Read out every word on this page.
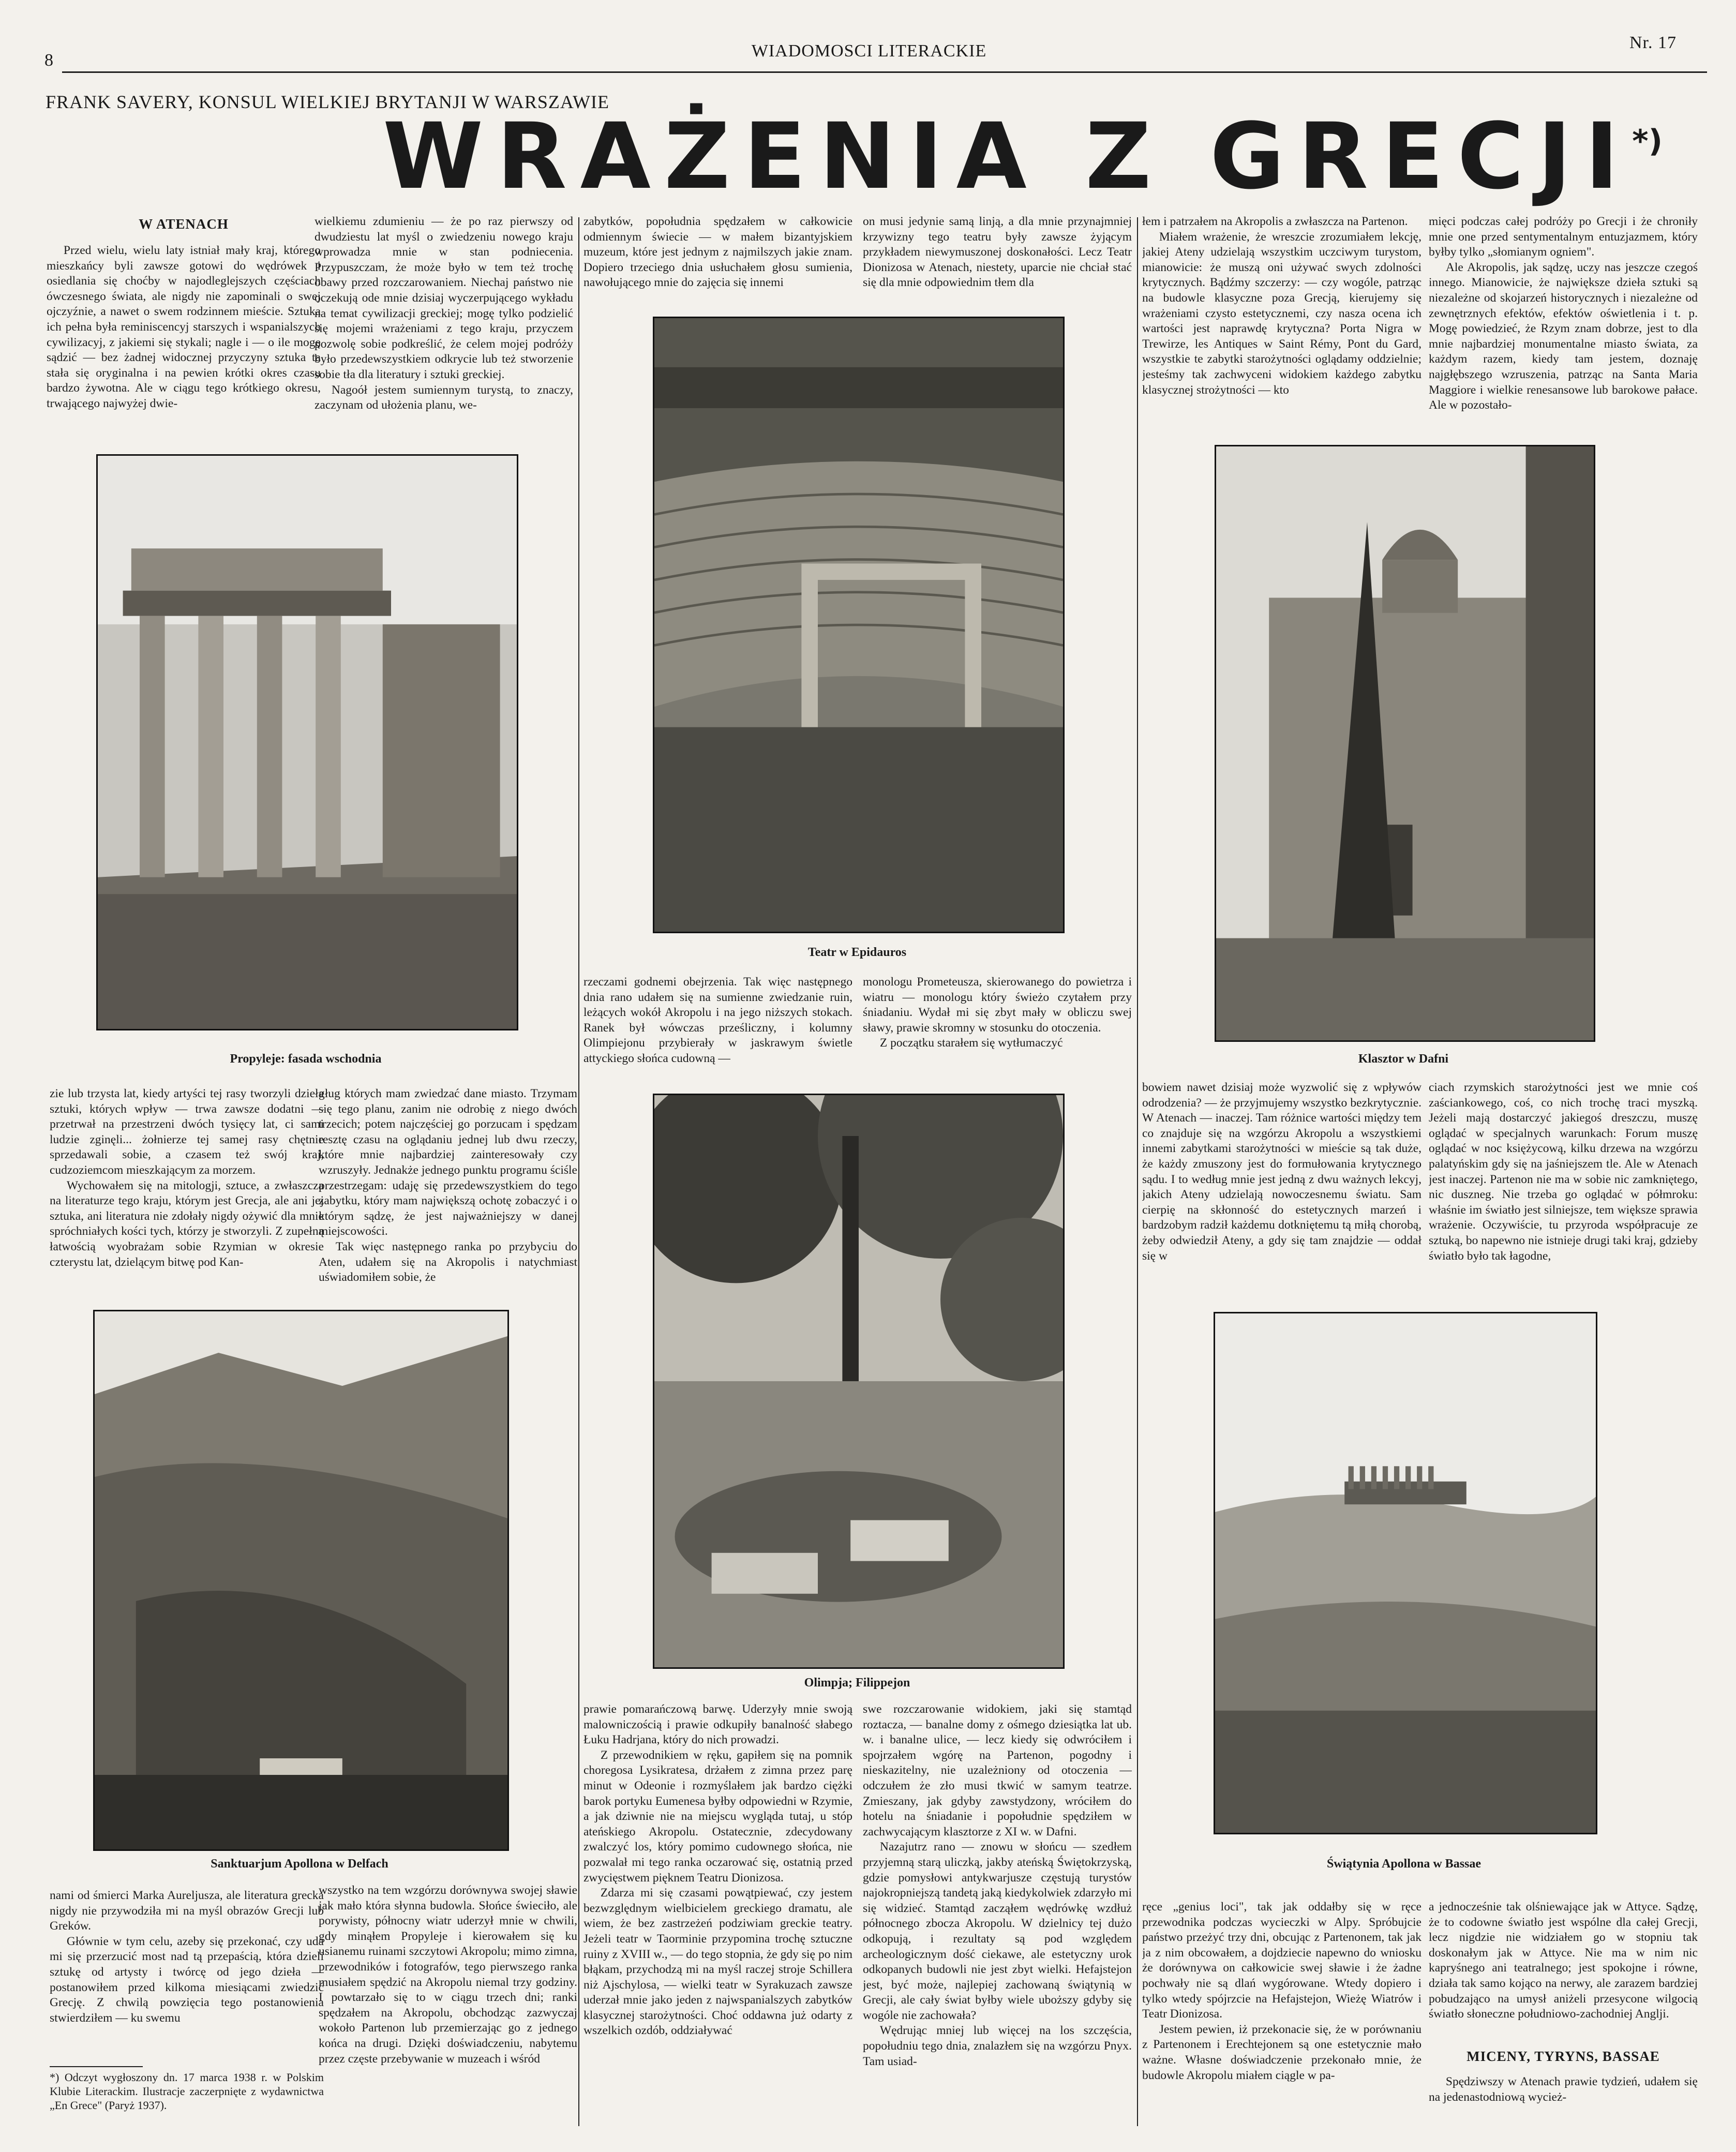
8	WIADOMOSCI LITERACKIE	Nr. 17
FRANK SAVERY, KONSUL WIELKIEJ BRYTANJI W WARSZAWIE
WRAŻENIA Z GRECJI*)
W ATENACH

Przed wielu, wielu laty istniał mały kraj, którego mieszkańcy byli zawsze gotowi do wędrówek i osiedlania się choćby w najodleglejszych częściach ówczesnego świata, ale nigdy nie zapominali o swej ojczyźnie, a nawet o swem rodzinnem mieście. Sztuka ich pełna była reminiscencyj starszych i wspanialszych cywilizacyj, z jakiemi się stykali; nagle i — o ile mogę sądzić — bez żadnej widocznej przyczyny sztuka ta stała się oryginalna i na pewien krótki okres czasu bardzo żywotna. Ale w ciągu tego krótkiego okresu, trwającego najwyżej dwie-

wielkiemu zdumieniu — że po raz pierwszy od dwudziestu lat myśl o zwiedzeniu nowego kraju wprowadza mnie w stan podniecenia. Przypuszczam, że może było w tem też trochę obawy przed rozczarowaniem. Niechaj państwo nie oczekują ode mnie dzisiaj wyczerpującego wykładu na temat cywilizacji greckiej; mogę tylko podzielić się mojemi wrażeniami z tego kraju, przyczem pozwolę sobie podkreślić, że celem mojej podróży było przedewszystkiem odkrycie lub też stworzenie sobie tła dla literatury i sztuki greckiej.

Nagoół jestem sumiennym turystą, to znaczy, zaczynam od ułożenia planu, we-

zabytków, popołudnia spędzałem w całkowicie odmiennym świecie — w małem bizantyjskiem muzeum, które jest jednym z najmilszych jakie znam. Dopiero trzeciego dnia usłuchałem głosu sumienia, nawołującego mnie do zajęcia się innemi

on musi jedynie samą linją, a dla mnie przynajmniej krzywizny tego teatru były zawsze żyjącym przykładem niewymuszonej doskonałości. Lecz Teatr Dionizosa w Atenach, niestety, uparcie nie chciał stać się dla mnie odpowiednim tłem dla

łem i patrzałem na Akropolis a zwłaszcza na Partenon.

Miałem wrażenie, że wreszcie zrozumiałem lekcję, jakiej Ateny udzielają wszystkim uczciwym turystom, mianowicie: że muszą oni używać swych zdolności krytycznych. Bądźmy szczerzy: — czy wogóle, patrząc na budowle klasyczne poza Grecją, kierujemy się wrażeniami czysto estetycznemi, czy nasza ocena ich wartości jest naprawdę krytyczna? Porta Nigra w Trewirze, les Antiques w Saint Rémy, Pont du Gard, wszystkie te zabytki starożytności oglądamy oddzielnie; jesteśmy tak zachwyceni widokiem każdego zabytku klasycznej strożytności — kto

mięci podczas całej podróży po Grecji i że chroniły mnie one przed sentymentalnym entuzjazmem, który byłby tylko „słomianym ogniem".

Ale Akropolis, jak sądzę, uczy nas jeszcze czegoś innego. Mianowicie, że największe dzieła sztuki są niezależne od skojarzeń historycznych i niezależne od zewnętrznych efektów, efektów oświetlenia i t. p. Mogę powiedzieć, że Rzym znam dobrze, jest to dla mnie najbardziej monumentalne miasto świata, za każdym razem, kiedy tam jestem, doznaję najgłębszego wzruszenia, patrząc na Santa Maria Maggiore i wielkie renesansowe lub barokowe pałace. Ale w pozostało-

Propyleje: fasada wschodnia
Teatr w Epidauros
Klasztor w Dafni

zie lub trzysta lat, kiedy artyści tej rasy tworzyli dzieła sztuki, których wpływ — trwa zawsze dodatni — przetrwał na przestrzeni dwóch tysięcy lat, ci sami ludzie zginęli... żołnierze tej samej rasy chętnie sprzedawali sobie, a czasem też swój kraj, cudzoziemcom mieszkającym za morzem.

Wychowałem się na mitologji, sztuce, a zwłaszcza na literaturze tego kraju, którym jest Grecja, ale ani jej sztuka, ani literatura nie zdołały nigdy ożywić dla mnie spróchniałych kości tych, którzy je stworzyli. Z zupełną łatwością wyobrażam sobie Rzymian w okresie czterystu lat, dzielącym bitwę pod Kan-

gług których mam zwiedzać dane miasto. Trzymam się tego planu, zanim nie odrobię z niego dwóch trzecich; potem najczęściej go porzucam i spędzam resztę czasu na oglądaniu jednej lub dwu rzeczy, które mnie najbardziej zainteresowały czy wzruszyły. Jednakże jednego punktu programu ściśle przestrzegam: udaję się przedewszystkiem do tego zabytku, który mam największą ochotę zobaczyć i o którym sądzę, że jest najważniejszy w danej miejscowości.

Tak więc następnego ranka po przybyciu do Aten, udałem się na Akropolis i natychmiast uświadomiłem sobie, że

rzeczami godnemi obejrzenia. Tak więc następnego dnia rano udałem się na sumienne zwiedzanie ruin, leżących wokół Akropolu i na jego niższych stokach. Ranek był wówczas prześliczny, i kolumny Olimpiejonu przybierały w jaskrawym świetle attyckiego słońca cudowną —

monologu Prometeusza, skierowanego do powietrza i wiatru — monologu który świeżo czytałem przy śniadaniu. Wydał mi się zbyt mały w obliczu swej sławy, prawie skromny w stosunku do otoczenia.

Z początku starałem się wytłumaczyć

bowiem nawet dzisiaj może wyzwolić się z wpływów odrodzenia? — że przyjmujemy wszystko bezkrytycznie. W Atenach — inaczej. Tam różnice wartości między tem co znajduje się na wzgórzu Akropolu a wszystkiemi innemi zabytkami starożytności w mieście są tak duże, że każdy zmuszony jest do formułowania krytycznego sądu. I to według mnie jest jedną z dwu ważnych lekcyj, jakich Ateny udzielają nowoczesnemu światu. Sam cierpię na skłonność do estetycznych marzeń i bardzobym radził każdemu dotkniętemu tą miłą chorobą, żeby odwiedził Ateny, a gdy się tam znajdzie — oddał się w

ciach rzymskich starożytności jest we mnie coś zaściankowego, coś, co nich trochę traci myszką. Jeżeli mają dostarczyć jakiegoś dreszczu, muszę oglądać w specjalnych warunkach: Forum muszę oglądać w noc księżycową, kilku drzewa na wzgórzu palatyńskim gdy się na jaśniejszem tle. Ale w Atenach jest inaczej. Partenon nie ma w sobie nic zamkniętego, nic duszneg. Nie trzeba go oglądać w półmroku: właśnie im światło jest silniejsze, tem większe sprawia wrażenie. Oczywiście, tu przyroda współpracuje ze sztuką, bo napewno nie istnieje drugi taki kraj, gdzieby światło było tak łagodne,

Sanktuarjum Apollona w Delfach
Olimpja; Filippejon
Świątynia Apollona w Bassae

nami od śmierci Marka Aureljusza, ale literatura grecka nigdy nie przywodziła mi na myśl obrazów Grecji lub Greków.

Głównie w tym celu, azeby się przekonać, czy uda mi się przerzucić most nad tą przepaścią, która dzieli sztukę od artysty i twórcę od jego dzieła — postanowiłem przed kilkoma miesiącami zwiedzić Grecję. Z chwilą powzięcia tego postanowienia stwierdziłem — ku swemu

*) Odczyt wygłoszony dn. 17 marca 1938 r. w Polskim Klubie Literackim. Ilustracje zaczerpnięte z wydawnictwa „En Grece" (Paryż 1937).

wszystko na tem wzgórzu dorównywa swojej sławie jak mało która słynna budowla. Słońce świeciło, ale porywisty, północny wiatr uderzył mnie w chwili, gdy minąłem Propyleje i kierowałem się ku usianemu ruinami szczytowi Akropolu; mimo zimna, przewodników i fotografów, tego pierwszego ranka musiałem spędzić na Akropolu niemal trzy godziny. I powtarzało się to w ciągu trzech dni; ranki spędzałem na Akropolu, obchodząc zazwyczaj wokoło Partenon lub przemierzając go z jednego końca na drugi. Dzięki doświadczeniu, nabytemu przez częste przebywanie w muzeach i wśród

prawie pomarańczową barwę. Uderzyły mnie swoją malowniczością i prawie odkupiły banalność słabego Łuku Hadrjana, który do nich prowadzi.

Z przewodnikiem w ręku, gapiłem się na pomnik choregosa Lysikratesa, drżałem z zimna przez parę minut w Odeonie i rozmyślałem jak bardzo ciężki barok portyku Eumenesa byłby odpowiedni w Rzymie, a jak dziwnie nie na miejscu wygląda tutaj, u stóp ateńskiego Akropolu. Ostatecznie, zdecydowany zwalczyć los, który pomimo cudownego słońca, nie pozwalał mi tego ranka oczarować się, ostatnią przed zwycięstwem pięknem Teatru Dionizosa.

Zdarza mi się czasami powątpiewać, czy jestem bezwzględnym wielbicielem greckiego dramatu, ale wiem, że bez zastrzeżeń podziwiam greckie teatry. Jeżeli teatr w Taorminie przypomina trochę sztuczne ruiny z XVIII w., — do tego stopnia, że gdy się po nim błąkam, przychodzą mi na myśl raczej stroje Schillera niż Ajschylosa, — wielki teatr w Syrakuzach zawsze uderzał mnie jako jeden z najwspanialszych zabytków klasycznej starożytności. Choć oddawna już odarty z wszelkich ozdób, oddziaływać

swe rozczarowanie widokiem, jaki się stamtąd roztacza, — banalne domy z ośmego dziesiątka lat ub. w. i banalne ulice, — lecz kiedy się odwróciłem i spojrzałem wgórę na Partenon, pogodny i nieskazitelny, nie uzależniony od otoczenia — odczułem że zło musi tkwić w samym teatrze. Zmieszany, jak gdyby zawstydzony, wróciłem do hotelu na śniadanie i popołudnie spędziłem w zachwycającym klasztorze z XI w. w Dafni.

Nazajutrz rano — znowu w słońcu — szedłem przyjemną starą uliczką, jakby ateńską Świętokrzyską, gdzie pomysłowi antykwarjusze częstują turystów najokropniejszą tandetą jaką kiedykolwiek zdarzyło mi się widzieć. Stamtąd zacząłem wędrówkę wzdłuż północnego zbocza Akropolu. W dzielnicy tej dużo odkopują, i rezultaty są pod względem archeologicznym dość ciekawe, ale estetyczny urok odkopanych budowli nie jest zbyt wielki. Hefajstejon jest, być może, najlepiej zachowaną świątynią w Grecji, ale cały świat byłby wiele uboższy gdyby się wogóle nie zachowała?

Wędrując mniej lub więcej na los szczęścia, popołudniu tego dnia, znalazłem się na wzgórzu Pnyx. Tam usiad-

ręce „genius loci", tak jak oddałby się w ręce przewodnika podczas wycieczki w Alpy. Spróbujcie państwo przeżyć trzy dni, obcując z Partenonem, tak jak ja z nim obcowałem, a dojdziecie napewno do wniosku że dorównywa on całkowicie swej sławie i że żadne pochwały nie są dlań wygórowane. Wtedy dopiero i tylko wtedy spójrzcie na Hefajstejon, Wieżę Wiatrów i Teatr Dionizosa.

Jestem pewien, iż przekonacie się, że w porównaniu z Partenonem i Erechtejonem są one estetycznie mało ważne. Własne doświadczenie przekonało mnie, że budowle Akropolu miałem ciągle w pa-

a jednocześnie tak olśniewające jak w Attyce. Sądzę, że to codowne światło jest wspólne dla całej Grecji, lecz nigdzie nie widziałem go w stopniu tak doskonałym jak w Attyce. Nie ma w nim nic kapryśnego ani teatralnego; jest spokojne i równe, działa tak samo kojąco na nerwy, ale zarazem bardziej pobudzająco na umysł aniżeli przesycone wilgocią światło słoneczne południowo-zachodniej Anglji.

MICENY, TYRYNS, BASSAE

Spędziwszy w Atenach prawie tydzień, udałem się na jedenastodniową wycież-
